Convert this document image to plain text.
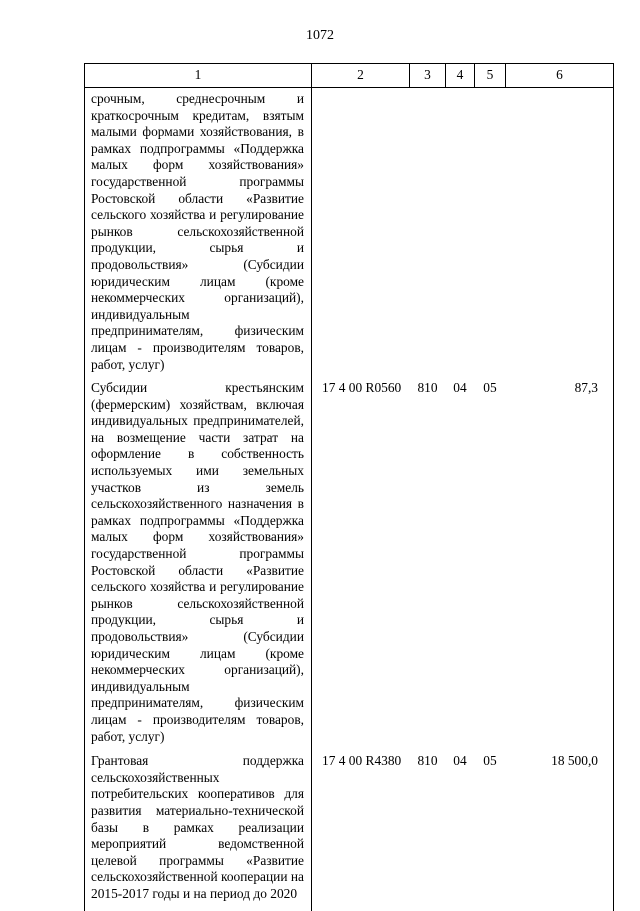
1072
1	2	3	4	5	6
срочным, среднесрочным и краткосрочным кредитам, взятым малыми формами хозяйствования, в рамках подпрограммы «Поддержка малых форм хозяйствования» государственной программы Ростовской области «Развитие сельского хозяйства и регулирование рынков сельскохозяйственной продукции, сырья и продовольствия» (Субсидии юридическим лицам (кроме некоммерческих организаций), индивидуальным предпринимателям, физическим лицам - производителям товаров, работ, услуг)					
Субсидии крестьянским (фермерским) хозяйствам, включая индивидуальных предпринимателей, на возмещение части затрат на оформление в собственность используемых ими земельных участков из земель сельскохозяйственного назначения в рамках подпрограммы «Поддержка малых форм хозяйствования» государственной программы Ростовской области «Развитие сельского хозяйства и регулирование рынков сельскохозяйственной продукции, сырья и продовольствия» (Субсидии юридическим лицам (кроме некоммерческих организаций), индивидуальным предпринимателям, физическим лицам - производителям товаров, работ, услуг)	17 4 00 R0560	810	04	05	87,3
Грантовая поддержка сельскохозяйственных потребительских кооперативов для развития материально-технической базы в рамках реализации мероприятий ведомственной целевой программы «Развитие сельскохозяйственной кооперации на 2015-2017 годы и на период до 2020	17 4 00 R4380	810	04	05	18 500,0
